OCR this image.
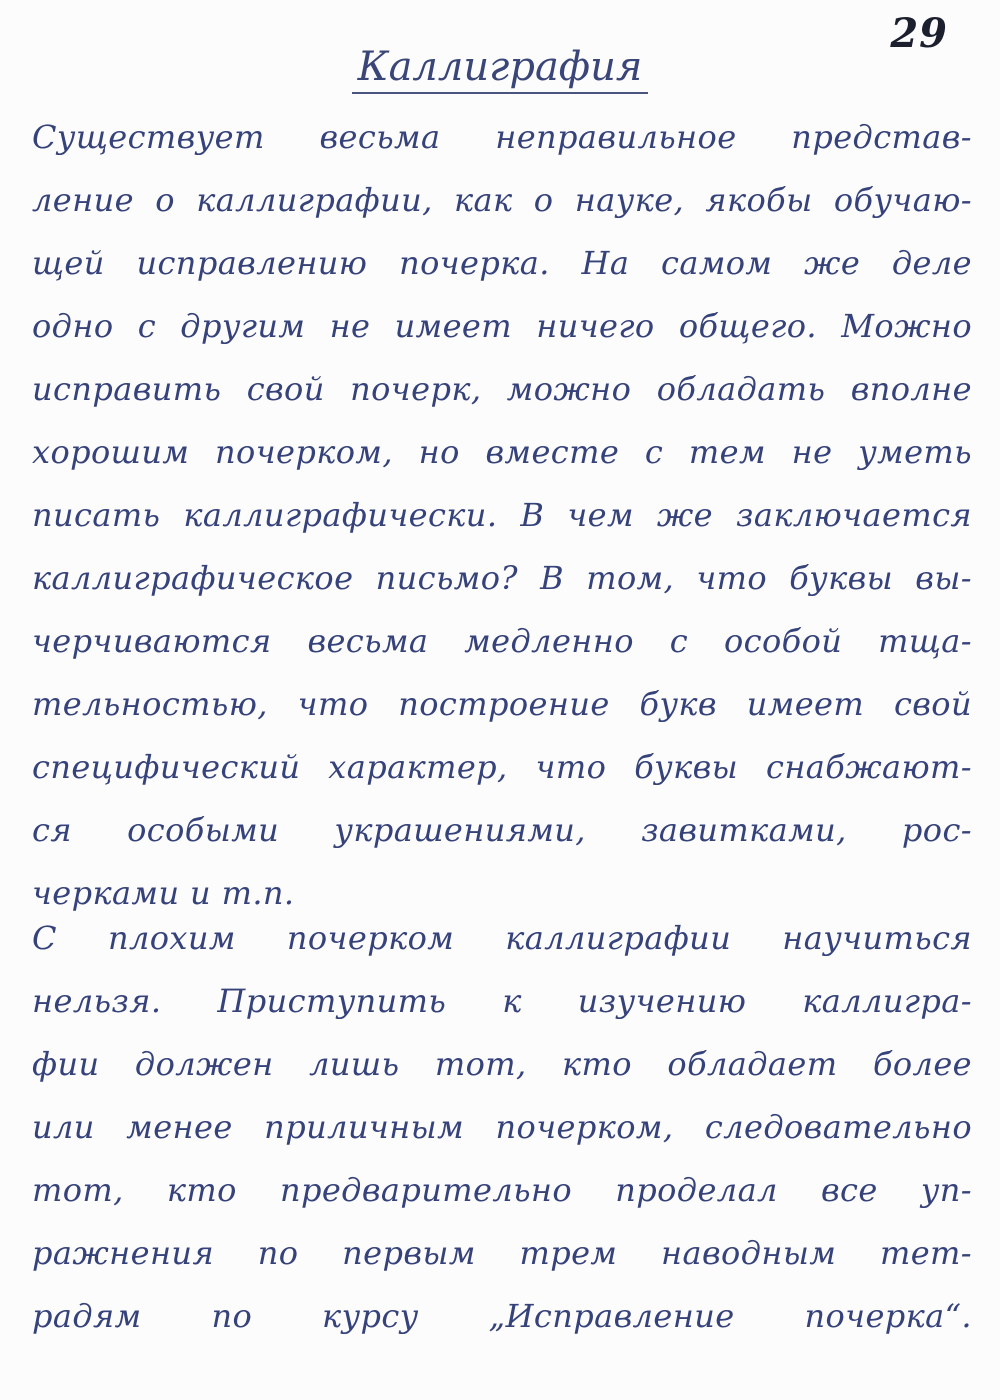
29
Каллиграфия
Существует весьма неправильное представ-
ление о каллиграфии, как о науке, якобы обучаю-
щей исправлению почерка. На самом же деле
одно с другим не имеет ничего общего. Можно
исправить свой почерк, можно обладать вполне
хорошим почерком, но вместе с тем не уметь
писать каллиграфически. В чем же заключается
каллиграфическое письмо? В том, что буквы вы-
черчиваются весьма медленно с особой тща-
тельностью, что построение букв имеет свой
специфический характер, что буквы снабжают-
ся особыми украшениями, завитками, рос-
черками и т.п.
С плохим почерком каллиграфии научиться
нельзя. Приступить к изучению каллигра-
фии должен лишь тот, кто обладает более
или менее приличным почерком, следовательно
тот, кто предварительно проделал все уп-
ражнения по первым трем наводным тет-
радям по курсу „Исправление почерка“.
